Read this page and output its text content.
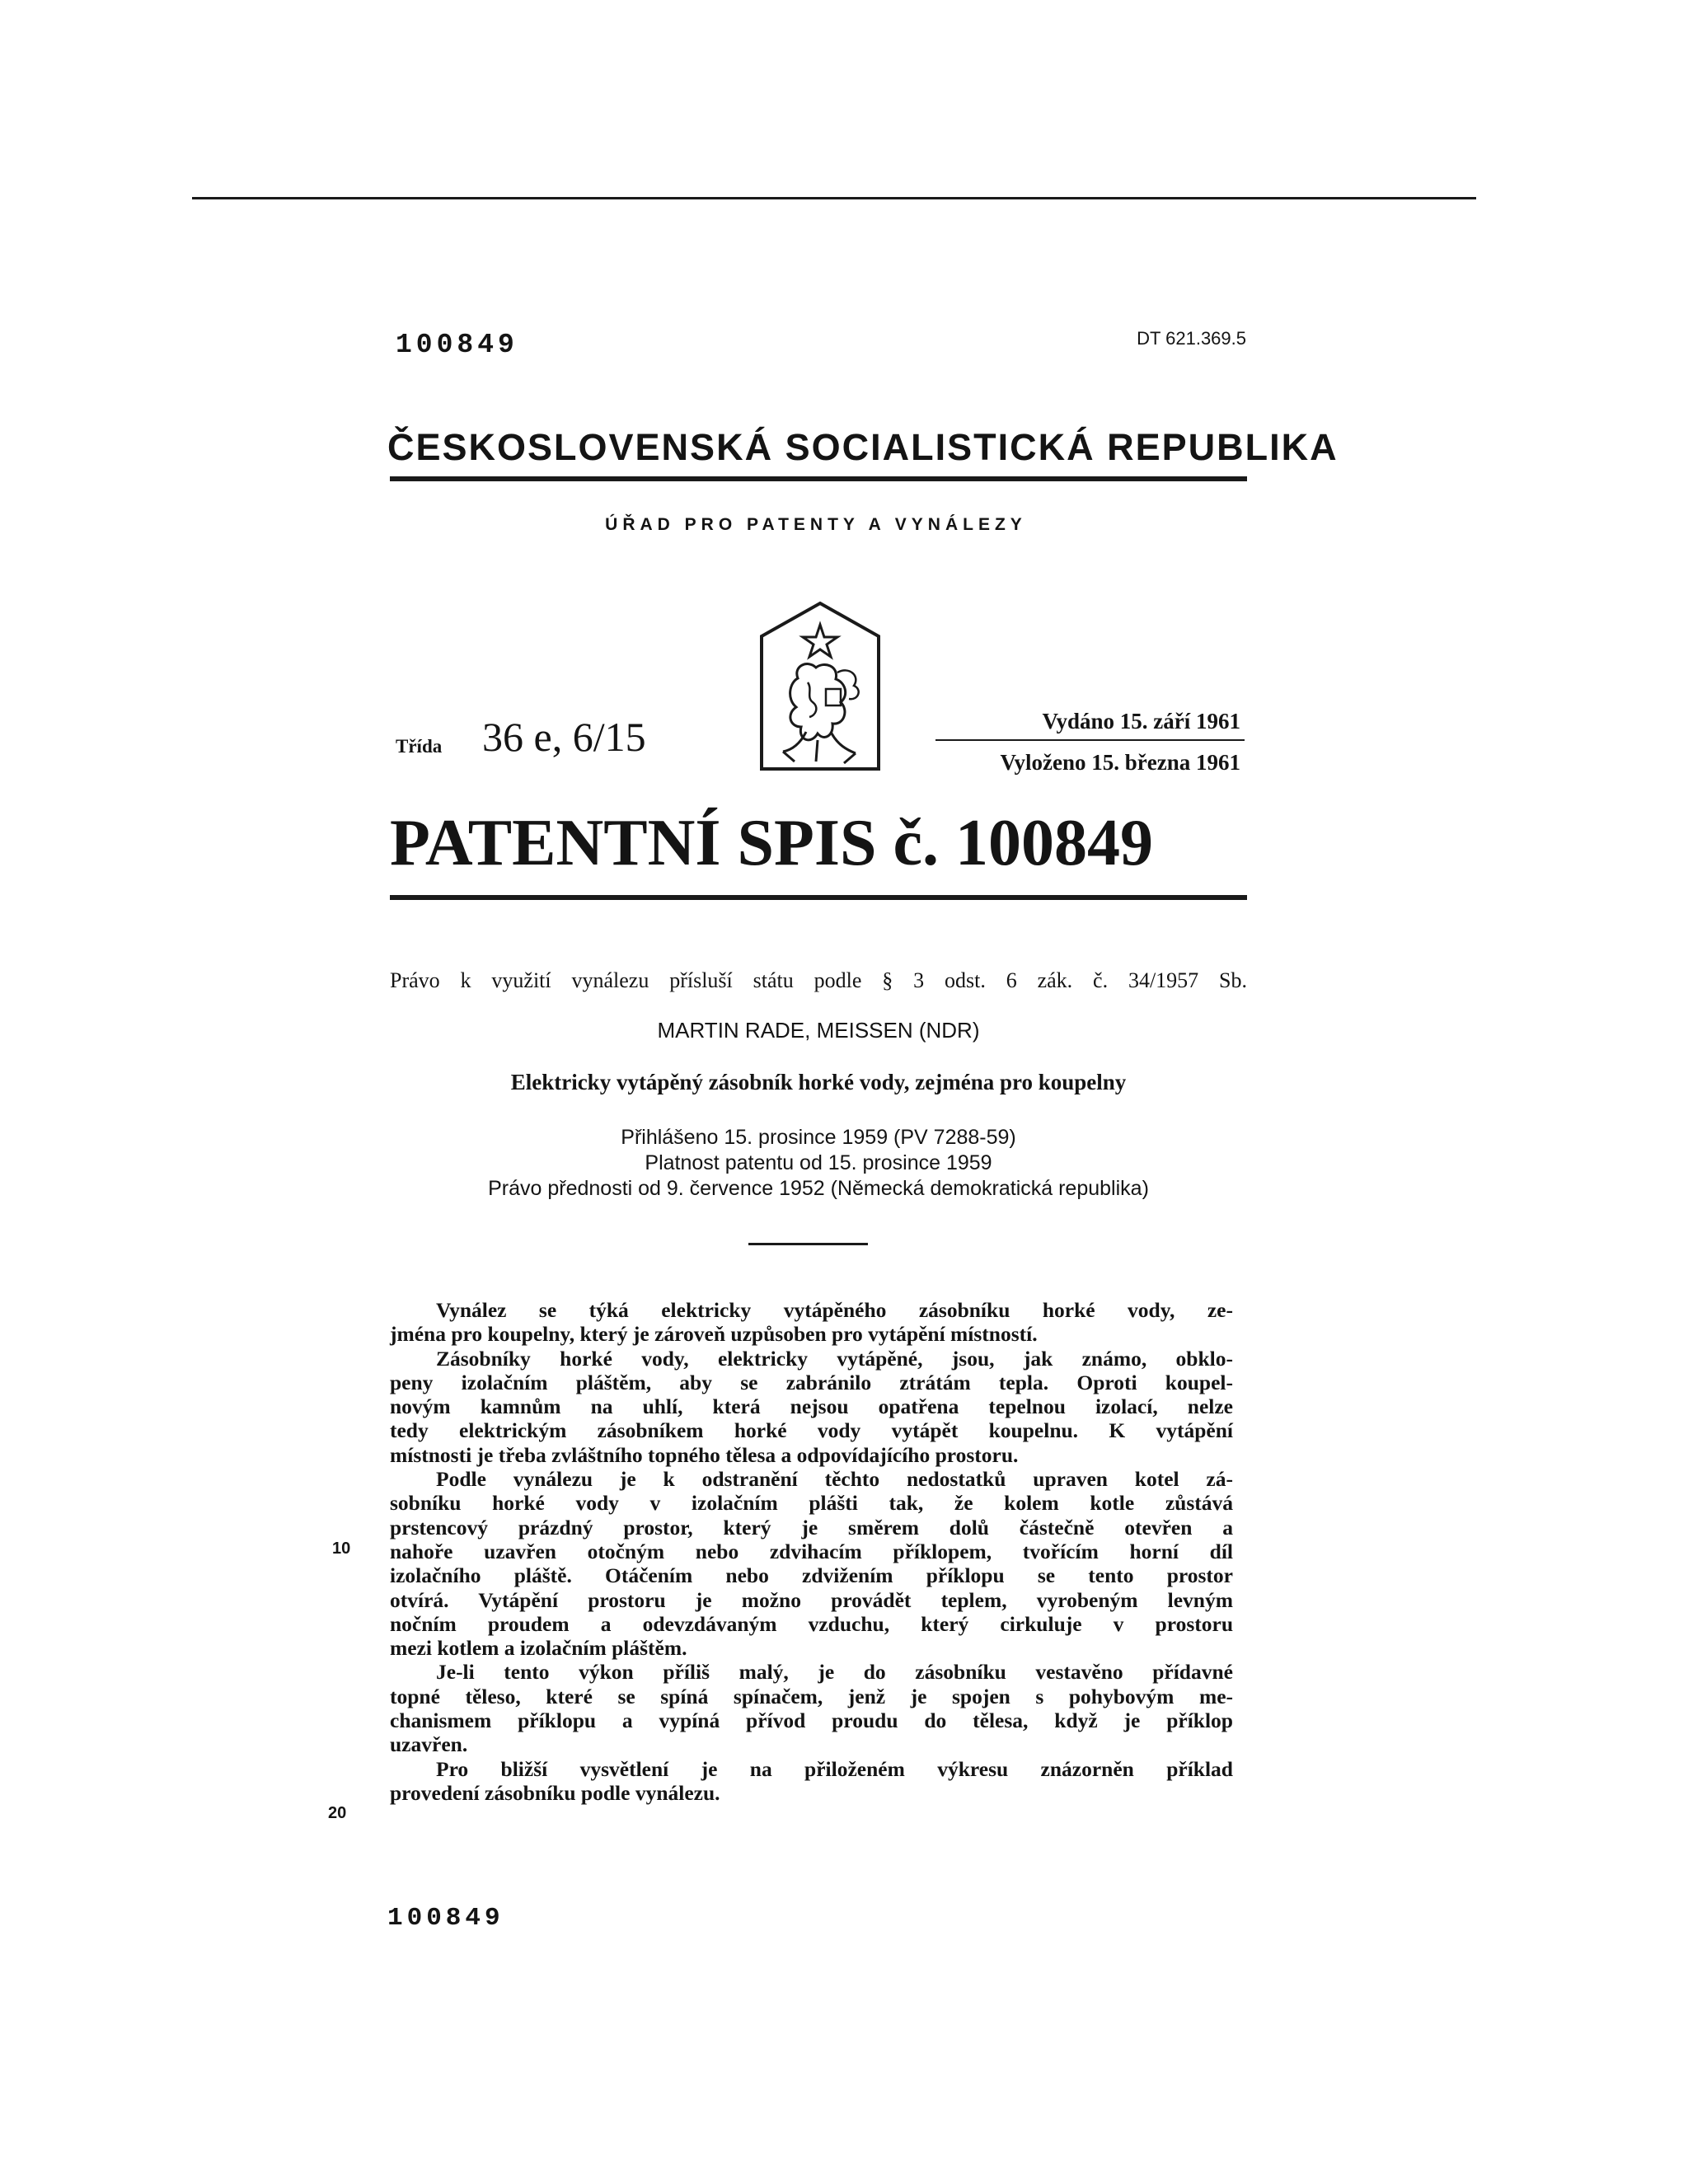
100849	DT 621.369.5
ČESKOSLOVENSKÁ SOCIALISTICKÁ REPUBLIKA
ÚŘAD PRO PATENTY A VYNÁLEZY
Třída 36 e, 6/15	Vydáno 15. září 1961
Vyloženo 15. března 1961
PATENTNÍ SPIS č. 100849
Právo k využití vynálezu přísluší státu podle § 3 odst. 6 zák. č. 34/1957 Sb.
MARTIN RADE, MEISSEN (NDR)
Elektricky vytápěný zásobník horké vody, zejména pro koupelny
Přihlášeno 15. prosince 1959 (PV 7288-59)
Platnost patentu od 15. prosince 1959
Právo přednosti od 9. července 1952 (Německá demokratická republika)
Vynález se týká elektricky vytápěného zásobníku horké vody, ze-
jména pro koupelny, který je zároveň uzpůsoben pro vytápění místností.
Zásobníky horké vody, elektricky vytápěné, jsou, jak známo, obklo-
peny izolačním pláštěm, aby se zabránilo ztrátám tepla. Oproti koupel-
novým kamnům na uhlí, která nejsou opatřena tepelnou izolací, nelze
tedy elektrickým zásobníkem horké vody vytápět koupelnu. K vytápění
místnosti je třeba zvláštního topného tělesa a odpovídajícího prostoru.
Podle vynálezu je k odstranění těchto nedostatků upraven kotel zá-
sobníku horké vody v izolačním plášti tak, že kolem kotle zůstává
prstencový prázdný prostor, který je směrem dolů částečně otevřen a
nahoře uzavřen otočným nebo zdvihacím příklopem, tvořícím horní díl
izolačního pláště. Otáčením nebo zdvižením příklopu se tento prostor
otvírá. Vytápění prostoru je možno provádět teplem, vyrobeným levným
nočním proudem a odevzdávaným vzduchu, který cirkuluje v prostoru
mezi kotlem a izolačním pláštěm.
Je-li tento výkon příliš malý, je do zásobníku vestavěno přídavné
topné těleso, které se spíná spínačem, jenž je spojen s pohybovým me-
chanismem příklopu a vypíná přívod proudu do tělesa, když je příklop
uzavřen.
Pro bližší vysvětlení je na přiloženém výkresu znázorněn příklad
provedení zásobníku podle vynálezu.
10
20
100849
